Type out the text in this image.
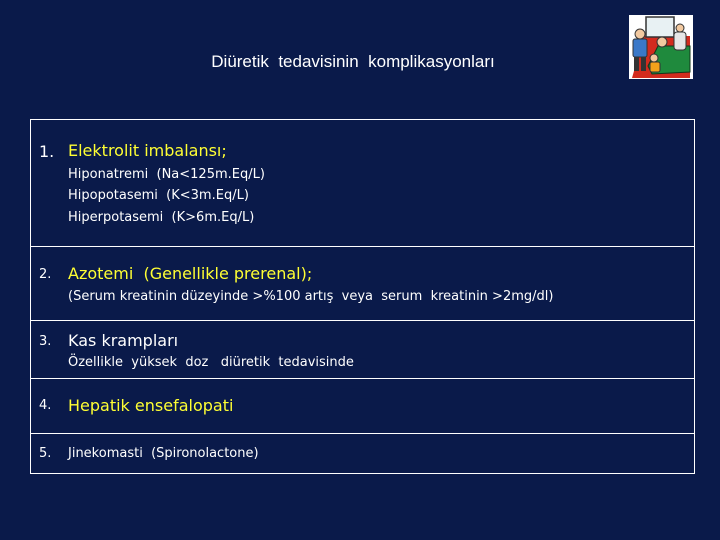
Diüretik  tedavisinin  komplikasyonları
1. Elektrolit imbalansı;
Hiponatremi  (Na<125m.Eq/L)
Hipopotasemi  (K<3m.Eq/L)
Hiperpotasemi  (K>6m.Eq/L)
2. Azotemi  (Genellikle prerenal);
(Serum kreatinin düzeyinde >%100 artış  veya  serum  kreatinin >2mg/dl)
3. Kas krampları
Özellikle  yüksek  doz   diüretik  tedavisinde
4. Hepatik ensefalopati
5. Jinekomasti  (Spironolactone)
